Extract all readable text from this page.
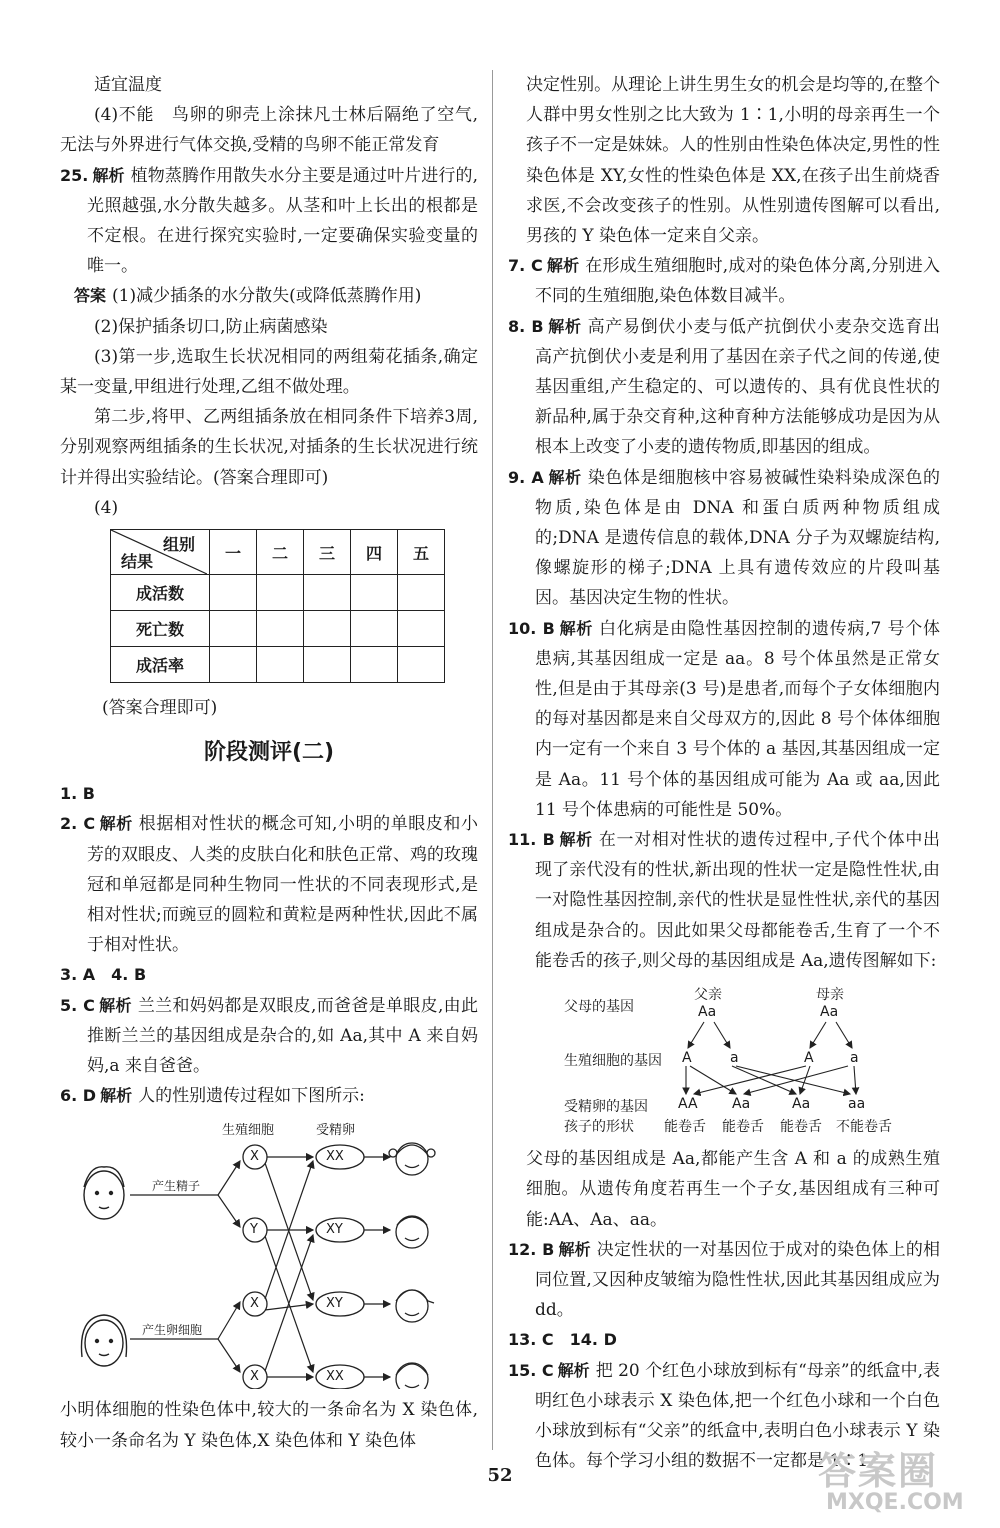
适宜温度

(4)不能　鸟卵的卵壳上涂抹凡士林后隔绝了空气,无法与外界进行气体交换,受精的鸟卵不能正常发育

25. 解析 植物蒸腾作用散失水分主要是通过叶片进行的,光照越强,水分散失越多。从茎和叶上长出的根都是不定根。在进行探究实验时,一定要确保实验变量的唯一。

答案 (1)减少插条的水分散失(或降低蒸腾作用)

(2)保护插条切口,防止病菌感染

(3)第一步,选取生长状况相同的两组菊花插条,确定某一变量,甲组进行处理,乙组不做处理。

第二步,将甲、乙两组插条放在相同条件下培养3周,分别观察两组插条的生长状况,对插条的生长状况进行统计并得出实验结论。(答案合理即可)

(4)

组别
结果	一	二	三	四	五
成活数					
死亡数					
成活率					

(答案合理即可)

阶段测评(二)

1. B

2. C 解析 根据相对性状的概念可知,小明的单眼皮和小芳的双眼皮、人类的皮肤白化和肤色正常、鸡的玫瑰冠和单冠都是同种生物同一性状的不同表现形式,是相对性状;而豌豆的圆粒和黄粒是两种性状,因此不属于相对性状。

3. A　4. B

5. C 解析 兰兰和妈妈都是双眼皮,而爸爸是单眼皮,由此推断兰兰的基因组成是杂合的,如 Aa,其中 A 来自妈妈,a 来自爸爸。

6. D 解析 人的性别遗传过程如下图所示:

生殖细胞	受精卵
产生精子
产生卵细胞
X
Y
X
X
XX
XY
XY
XX

小明体细胞的性染色体中,较大的一条命名为 X 染色体,较小一条命名为 Y 染色体,X 染色体和 Y 染色体

决定性别。从理论上讲生男生女的机会是均等的,在整个人群中男女性别之比大致为 1∶1,小明的母亲再生一个孩子不一定是妹妹。人的性别由性染色体决定,男性的性染色体是 XY,女性的性染色体是 XX,在孩子出生前烧香求医,不会改变孩子的性别。从性别遗传图解可以看出,男孩的 Y 染色体一定来自父亲。

7. C 解析 在形成生殖细胞时,成对的染色体分离,分别进入不同的生殖细胞,染色体数目减半。

8. B 解析 高产易倒伏小麦与低产抗倒伏小麦杂交选育出高产抗倒伏小麦是利用了基因在亲子代之间的传递,使基因重组,产生稳定的、可以遗传的、具有优良性状的新品种,属于杂交育种,这种育种方法能够成功是因为从根本上改变了小麦的遗传物质,即基因的组成。

9. A 解析 染色体是细胞核中容易被碱性染料染成深色的物质,染色体是由 DNA 和蛋白质两种物质组成的;DNA 是遗传信息的载体,DNA 分子为双螺旋结构,像螺旋形的梯子;DNA 上具有遗传效应的片段叫基因。基因决定生物的性状。

10. B 解析 白化病是由隐性基因控制的遗传病,7 号个体患病,其基因组成一定是 aa。8 号个体虽然是正常女性,但是由于其母亲(3 号)是患者,而每个子女体细胞内的每对基因都是来自父母双方的,因此 8 号个体体细胞内一定有一个来自 3 号个体的 a 基因,其基因组成一定是 Aa。11 号个体的基因组成可能为 Aa 或 aa,因此 11 号个体患病的可能性是 50%。

11. B 解析 在一对相对性状的遗传过程中,子代个体中出现了亲代没有的性状,新出现的性状一定是隐性性状,由一对隐性基因控制,亲代的性状是显性性状,亲代的基因组成是杂合的。因此如果父母都能卷舌,生育了一个不能卷舌的孩子,则父母的基因组成是 Aa,遗传图解如下:

父亲	母亲
父母的基因	Aa	Aa
生殖细胞的基因 A	a	A	a
受精卵的基因 AA Aa	Aa	aa
孩子的形状 能卷舌 能卷舌 能卷舌 不能卷舌

父母的基因组成是 Aa,都能产生含 A 和 a 的成熟生殖细胞。从遗传角度若再生一个子女,基因组成有三种可能:AA、Aa、aa。

12. B 解析 决定性状的一对基因位于成对的染色体上的相同位置,又因种皮皱缩为隐性性状,因此其基因组成应为 dd。

13. C　14. D

15. C 解析 把 20 个红色小球放到标有“母亲”的纸盒中,表明红色小球表示 X 染色体,把一个红色小球和一个白色小球放到标有“父亲”的纸盒中,表明白色小球表示 Y 染色体。每个学习小组的数据不一定都是 1∶1

52	答案圈
MXQE.COM
